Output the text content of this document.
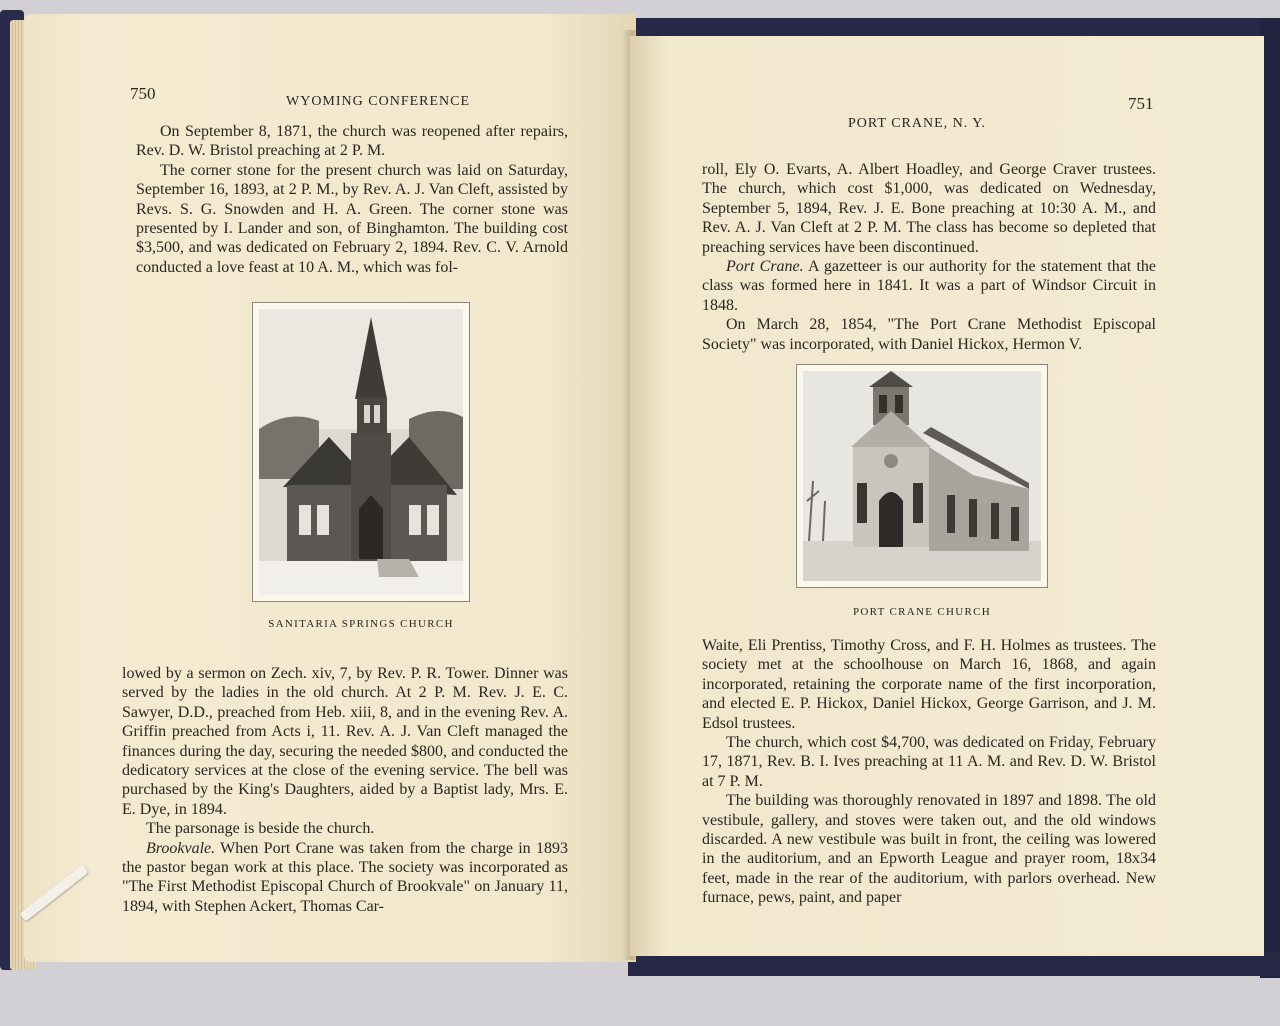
750	WYOMING CONFERENCE

On September 8, 1871, the church was reopened after repairs, Rev. D. W. Bristol preaching at 2 P. M.

The corner stone for the present church was laid on Saturday, September 16, 1893, at 2 P. M., by Rev. A. J. Van Cleft, assisted by Revs. S. G. Snowden and H. A. Green. The corner stone was presented by I. Lander and son, of Binghamton. The building cost $3,500, and was dedicated on February 2, 1894. Rev. C. V. Arnold conducted a love feast at 10 A. M., which was fol-

SANITARIA SPRINGS CHURCH

lowed by a sermon on Zech. xiv, 7, by Rev. P. R. Tower. Dinner was served by the ladies in the old church. At 2 P. M. Rev. J. E. C. Sawyer, D.D., preached from Heb. xiii, 8, and in the evening Rev. A. Griffin preached from Acts i, 11. Rev. A. J. Van Cleft managed the finances during the day, securing the needed $800, and conducted the dedicatory services at the close of the evening service. The bell was purchased by the King's Daughters, aided by a Baptist lady, Mrs. E. E. Dye, in 1894.

The parsonage is beside the church.

Brookvale. When Port Crane was taken from the charge in 1893 the pastor began work at this place. The society was incorporated as "The First Methodist Episcopal Church of Brookvale" on January 11, 1894, with Stephen Ackert, Thomas Car-

PORT CRANE, N. Y.
751

roll, Ely O. Evarts, A. Albert Hoadley, and George Craver trustees. The church, which cost $1,000, was dedicated on Wednesday, September 5, 1894, Rev. J. E. Bone preaching at 10:30 A. M., and Rev. A. J. Van Cleft at 2 P. M. The class has become so depleted that preaching services have been discontinued.

Port Crane. A gazetteer is our authority for the statement that the class was formed here in 1841. It was a part of Windsor Circuit in 1848.

On March 28, 1854, "The Port Crane Methodist Episcopal Society" was incorporated, with Daniel Hickox, Hermon V.

PORT CRANE CHURCH

Waite, Eli Prentiss, Timothy Cross, and F. H. Holmes as trustees. The society met at the schoolhouse on March 16, 1868, and again incorporated, retaining the corporate name of the first incorporation, and elected E. P. Hickox, Daniel Hickox, George Garrison, and J. M. Edsol trustees.

The church, which cost $4,700, was dedicated on Friday, February 17, 1871, Rev. B. I. Ives preaching at 11 A. M. and Rev. D. W. Bristol at 7 P. M.

The building was thoroughly renovated in 1897 and 1898. The old vestibule, gallery, and stoves were taken out, and the old windows discarded. A new vestibule was built in front, the ceiling was lowered in the auditorium, and an Epworth League and prayer room, 18x34 feet, made in the rear of the auditorium, with parlors overhead. New furnace, pews, paint, and paper
